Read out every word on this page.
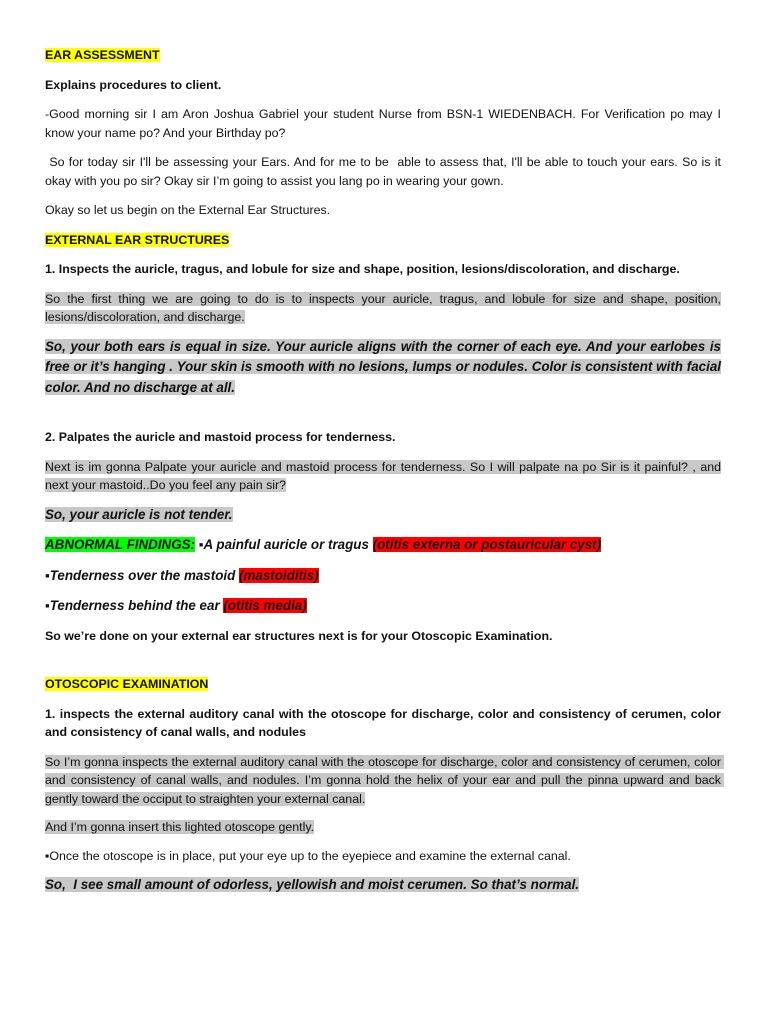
EAR ASSESSMENT

Explains procedures to client.

-Good morning sir I am Aron Joshua Gabriel your student Nurse from BSN-1 WIEDENBACH. For Verification po may I know your name po? And your Birthday po?

So for today sir I'll be assessing your Ears. And for me to be  able to assess that, I'll be able to touch your ears. So is it okay with you po sir? Okay sir I’m going to assist you lang po in wearing your gown.

Okay so let us begin on the External Ear Structures.

EXTERNAL EAR STRUCTURES

1. Inspects the auricle, tragus, and lobule for size and shape, position, lesions/discoloration, and discharge.

So the first thing we are going to do is to inspects your auricle, tragus, and lobule for size and shape, position, lesions/discoloration, and discharge.

So, your both ears is equal in size. Your auricle aligns with the corner of each eye. And your earlobes is free or it’s hanging . Your skin is smooth with no lesions, lumps or nodules. Color is consistent with facial color. And no discharge at all.

2. Palpates the auricle and mastoid process for tenderness.

Next is im gonna Palpate your auricle and mastoid process for tenderness. So I will palpate na po Sir is it painful? , and next your mastoid..Do you feel any pain sir?

So, your auricle is not tender.

ABNORMAL FINDINGS: ▪A painful auricle or tragus (otitis externa or postauricular cyst)

▪Tenderness over the mastoid (mastoiditis)

▪Tenderness behind the ear (otitis media)

So we’re done on your external ear structures next is for your Otoscopic Examination.

OTOSCOPIC EXAMINATION

1. inspects the external auditory canal with the otoscope for discharge, color and consistency of cerumen, color and consistency of canal walls, and nodules

So I’m gonna inspects the external auditory canal with the otoscope for discharge, color and consistency of cerumen, color and consistency of canal walls, and nodules. I’m gonna hold the helix of your ear and pull the pinna upward and back gently toward the occiput to straighten your external canal.

And I’m gonna insert this lighted otoscope gently.

▪Once the otoscope is in place, put your eye up to the eyepiece and examine the external canal.

So,  I see small amount of odorless, yellowish and moist cerumen. So that’s normal.
